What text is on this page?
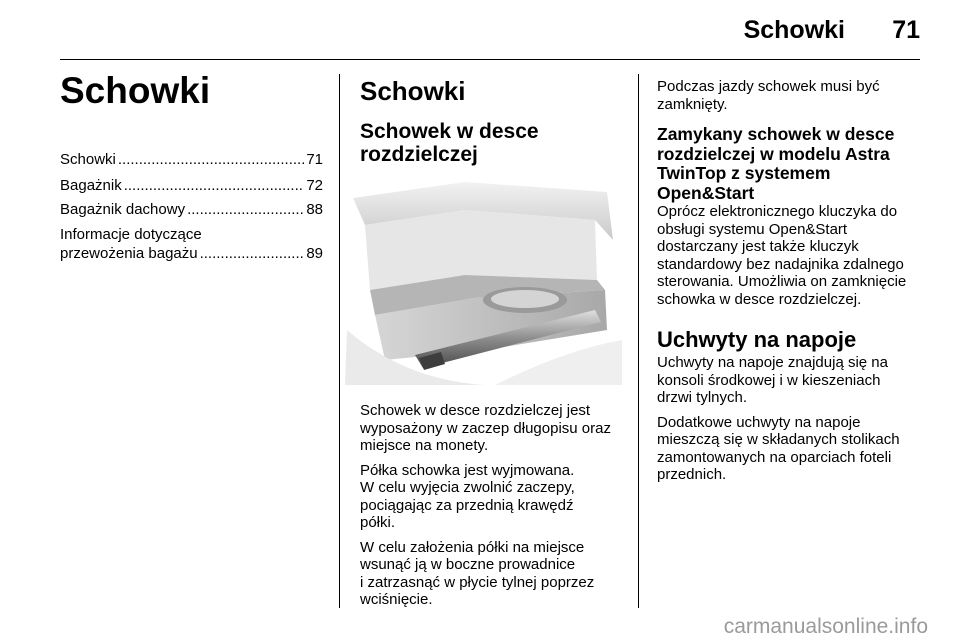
Schowki	71
Schowki
Schowki .....	71
Bagażnik .....	72
Bagażnik dachowy .....	88
Informacje dotyczące
przewożenia bagażu .....	89
Schowki
Schowek w desce
rozdzielczej

Schowek w desce rozdzielczej jest
wyposażony w zaczep długopisu oraz
miejsce na monety.

Półka schowka jest wyjmowana.
W celu wyjęcia zwolnić zaczepy,
pociągając za przednią krawędź
półki.

W celu założenia półki na miejsce
wsunąć ją w boczne prowadnice
i zatrzasnąć w płycie tylnej poprzez
wciśnięcie.

Podczas jazdy schowek musi być
zamknięty.

Zamykany schowek w desce
rozdzielczej w modelu Astra
TwinTop z systemem
Open&Start

Oprócz elektronicznego kluczyka do
obsługi systemu Open&Start
dostarczany jest także kluczyk
standardowy bez nadajnika zdalnego
sterowania. Umożliwia on zamknięcie
schowka w desce rozdzielczej.

Uchwyty na napoje

Uchwyty na napoje znajdują się na
konsoli środkowej i w kieszeniach
drzwi tylnych.

Dodatkowe uchwyty na napoje
mieszczą się w składanych stolikach
zamontowanych na oparciach foteli
przednich.

carmanualsonline.info
